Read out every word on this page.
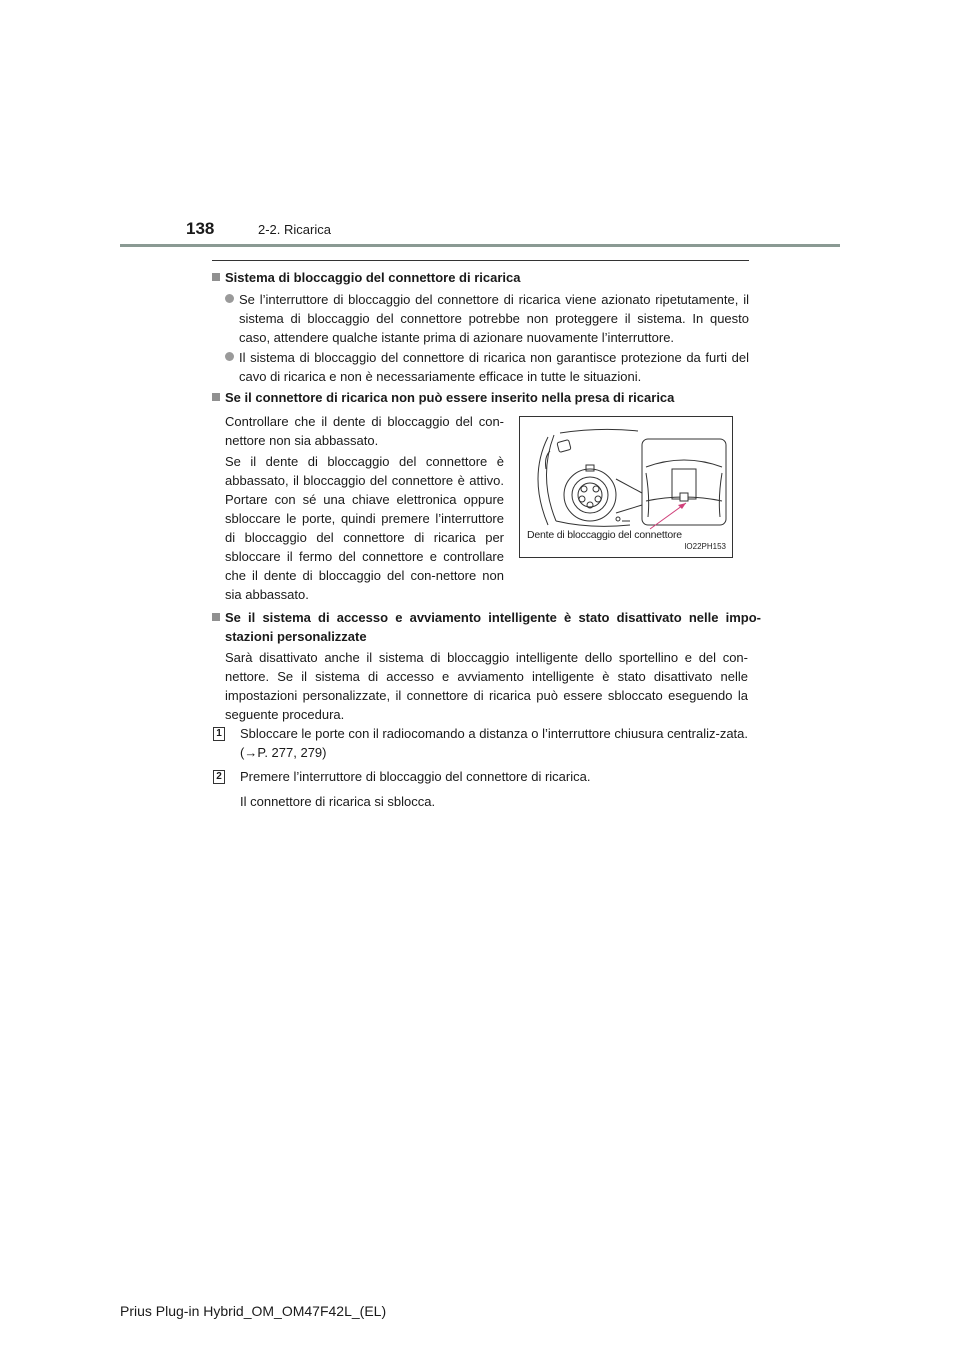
138	2-2. Ricarica
Sistema di bloccaggio del connettore di ricarica
Se l’interruttore di bloccaggio del connettore di ricarica viene azionato ripetutamente, il sistema di bloccaggio del connettore potrebbe non proteggere il sistema. In questo caso, attendere qualche istante prima di azionare nuovamente l’interruttore.
Il sistema di bloccaggio del connettore di ricarica non garantisce protezione da furti del cavo di ricarica e non è necessariamente efficace in tutte le situazioni.
Se il connettore di ricarica non può essere inserito nella presa di ricarica
Controllare che il dente di bloccaggio del con-nettore non sia abbassato.
Se il dente di bloccaggio del connettore è abbassato, il bloccaggio del connettore è attivo. Portare con sé una chiave elettronica oppure sbloccare le porte, quindi premere l’interruttore di bloccaggio del connettore di ricarica per sbloccare il fermo del connettore e controllare che il dente di bloccaggio del con-nettore non sia abbassato.
Dente di bloccaggio del connettore
IO22PH153
Se il sistema di accesso e avviamento intelligente è stato disattivato nelle impo-stazioni personalizzate
Sarà disattivato anche il sistema di bloccaggio intelligente dello sportellino e del con-nettore. Se il sistema di accesso e avviamento intelligente è stato disattivato nelle impostazioni personalizzate, il connettore di ricarica può essere sbloccato eseguendo la seguente procedura.
1 Sbloccare le porte con il radiocomando a distanza o l’interruttore chiusura centraliz-zata. (→P. 277, 279)
2 Premere l’interruttore di bloccaggio del connettore di ricarica.
Il connettore di ricarica si sblocca.
Prius Plug-in Hybrid_OM_OM47F42L_(EL)
